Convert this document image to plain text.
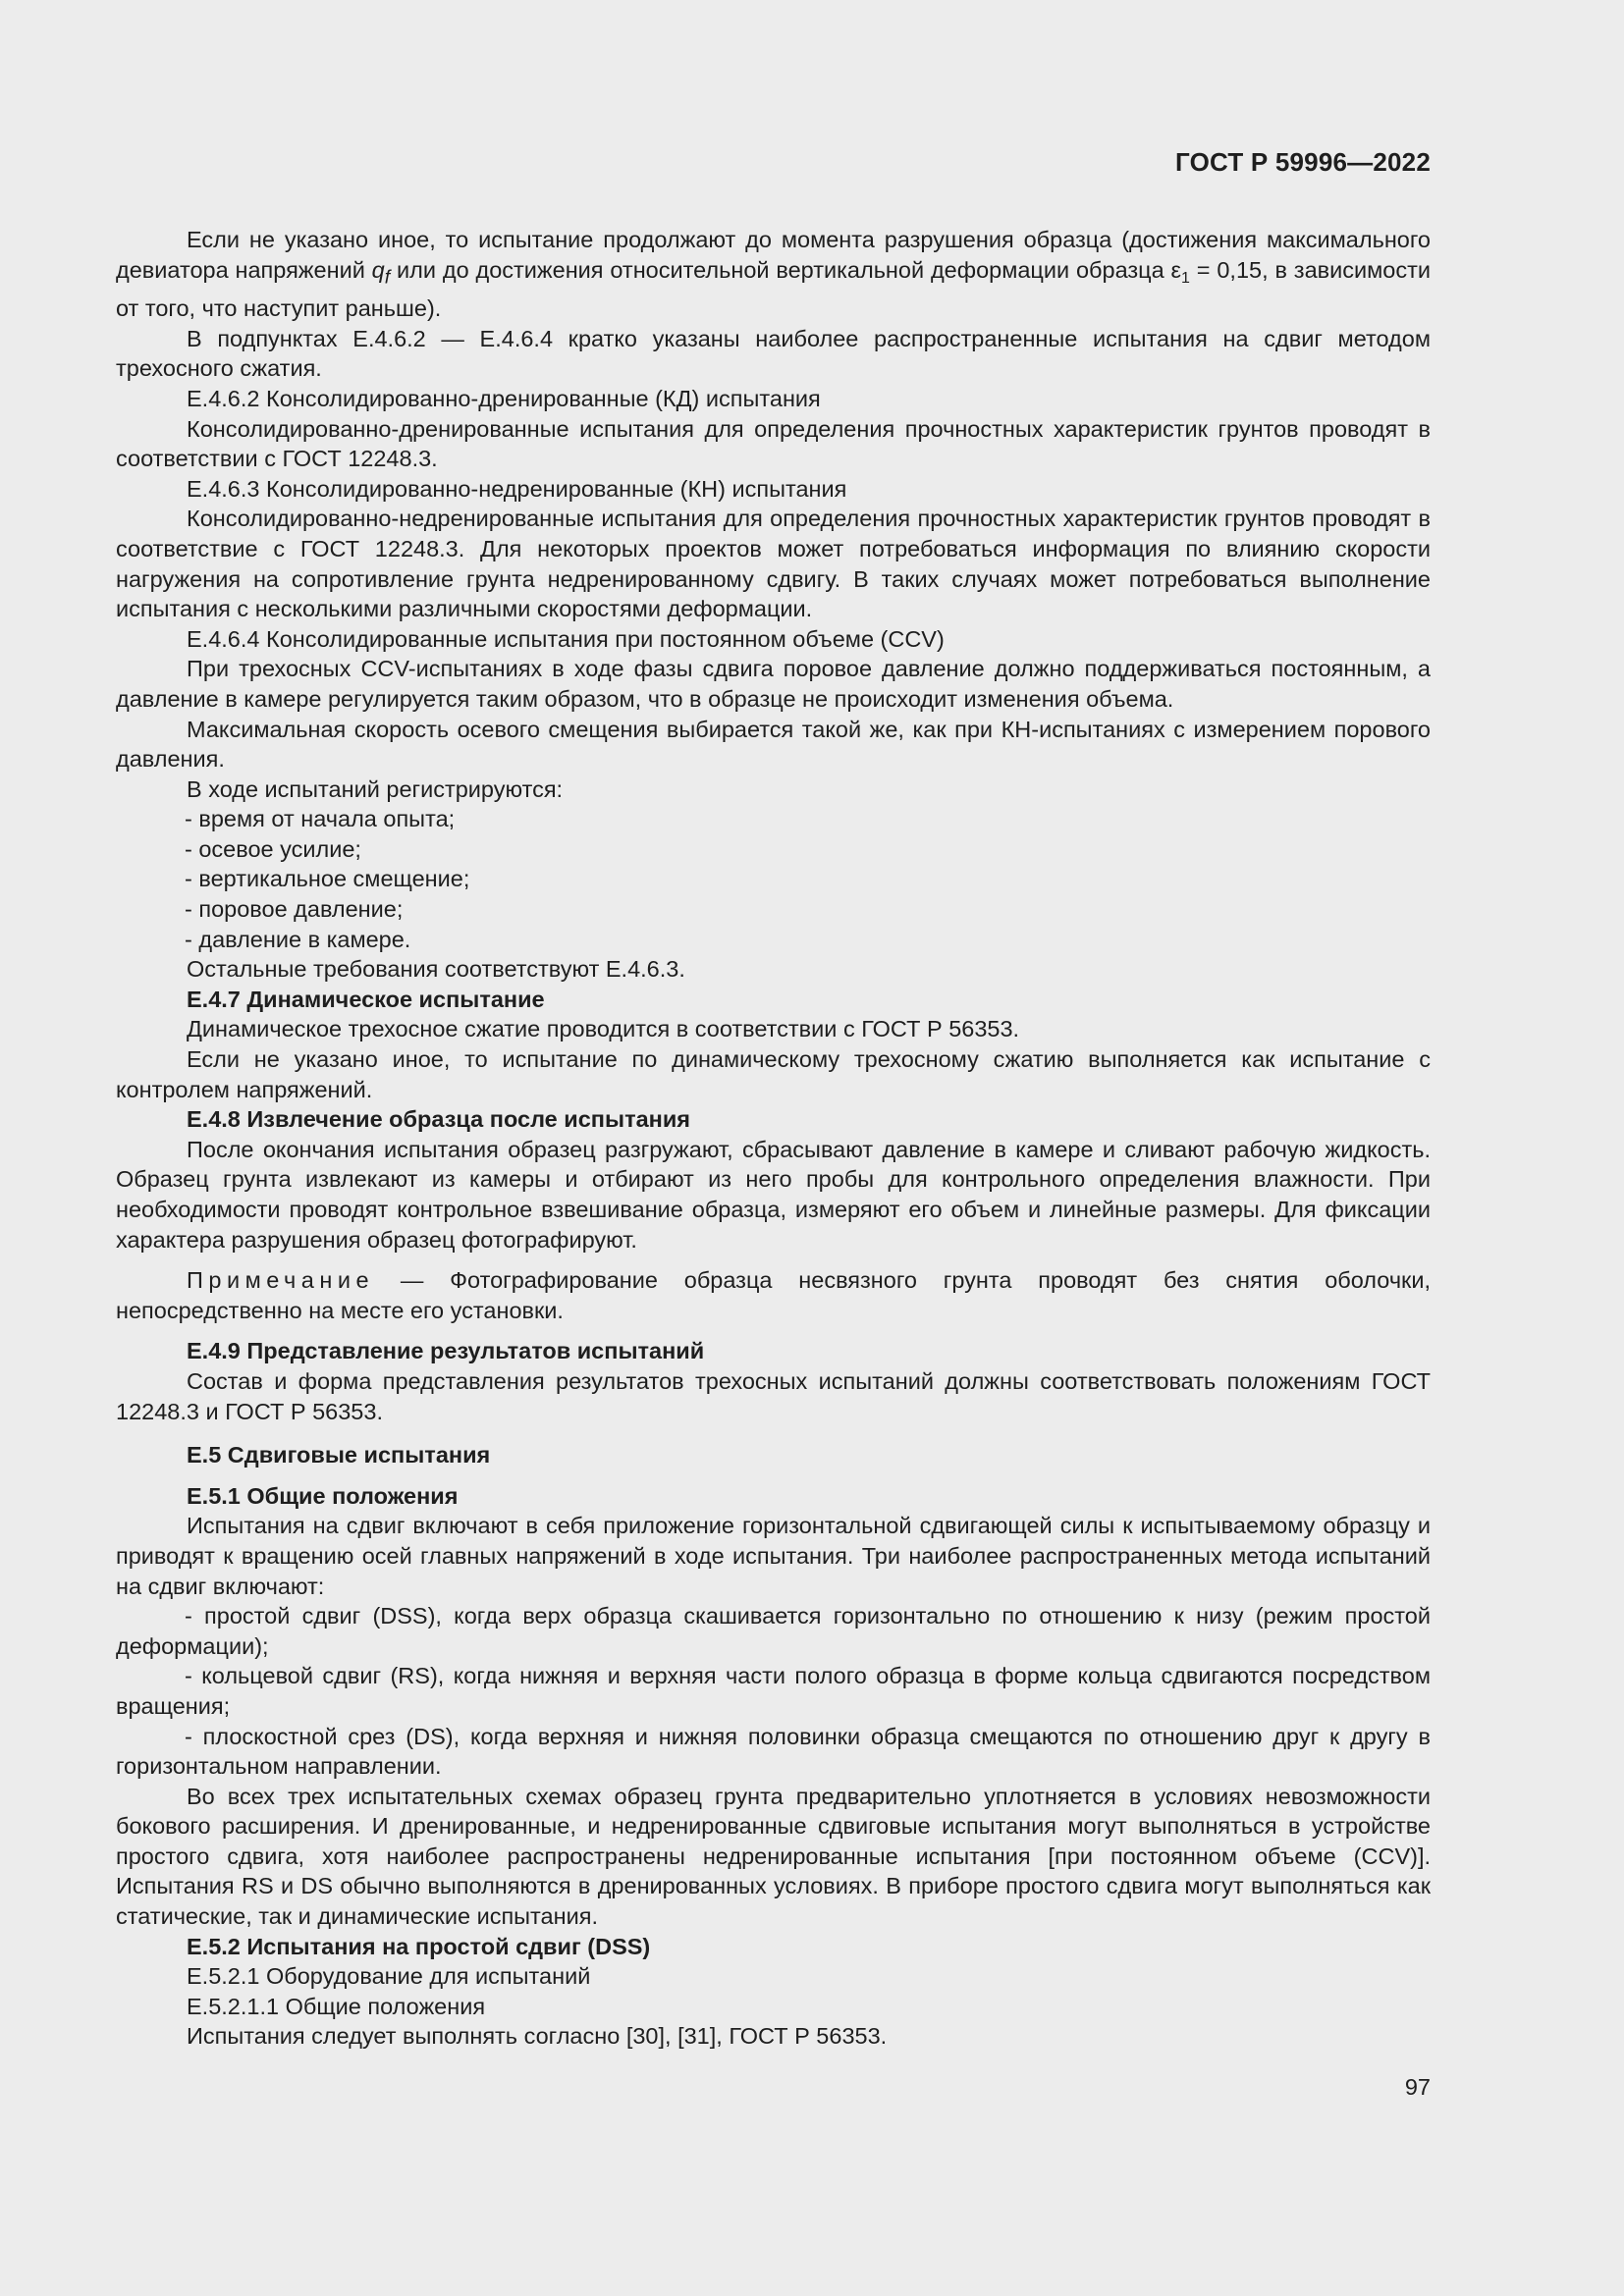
ГОСТ Р 59996—2022

Если не указано иное, то испытание продолжают до момента разрушения образца (достижения максимального девиатора напряжений $q_f$ или до достижения относительной вертикальной деформации образца $\varepsilon_1 = 0,15$, в зависимости от того, что наступит раньше).

В подпунктах Е.4.6.2 — Е.4.6.4 кратко указаны наиболее распространенные испытания на сдвиг методом трехосного сжатия.

Е.4.6.2 Консолидированно-дренированные (КД) испытания

Консолидированно-дренированные испытания для определения прочностных характеристик грунтов проводят в соответствии с ГОСТ 12248.3.

Е.4.6.3 Консолидированно-недренированные (КН) испытания

Консолидированно-недренированные испытания для определения прочностных характеристик грунтов проводят в соответствие с ГОСТ 12248.3. Для некоторых проектов может потребоваться информация по влиянию скорости нагружения на сопротивление грунта недренированному сдвигу. В таких случаях может потребоваться выполнение испытания с несколькими различными скоростями деформации.

Е.4.6.4 Консолидированные испытания при постоянном объеме (CCV)

При трехосных CCV-испытаниях в ходе фазы сдвига поровое давление должно поддерживаться постоянным, а давление в камере регулируется таким образом, что в образце не происходит изменения объема.

Максимальная скорость осевого смещения выбирается такой же, как при КН-испытаниях с измерением порового давления.

В ходе испытаний регистрируются:

- время от начала опыта;

- осевое усилие;

- вертикальное смещение;

- поровое давление;

- давление в камере.

Остальные требования соответствуют Е.4.6.3.

Е.4.7 Динамическое испытание

Динамическое трехосное сжатие проводится в соответствии с ГОСТ Р 56353.

Если не указано иное, то испытание по динамическому трехосному сжатию выполняется как испытание с контролем напряжений.

Е.4.8 Извлечение образца после испытания

После окончания испытания образец разгружают, сбрасывают давление в камере и сливают рабочую жидкость. Образец грунта извлекают из камеры и отбирают из него пробы для контрольного определения влажности. При необходимости проводят контрольное взвешивание образца, измеряют его объем и линейные размеры. Для фиксации характера разрушения образец фотографируют.

Примечание — Фотографирование образца несвязного грунта проводят без снятия оболочки, непосредственно на месте его установки.

Е.4.9 Представление результатов испытаний

Состав и форма представления результатов трехосных испытаний должны соответствовать положениям ГОСТ 12248.3 и ГОСТ Р 56353.

Е.5 Сдвиговые испытания

Е.5.1 Общие положения

Испытания на сдвиг включают в себя приложение горизонтальной сдвигающей силы к испытываемому образцу и приводят к вращению осей главных напряжений в ходе испытания. Три наиболее распространенных метода испытаний на сдвиг включают:

- простой сдвиг (DSS), когда верх образца скашивается горизонтально по отношению к низу (режим простой деформации);

- кольцевой сдвиг (RS), когда нижняя и верхняя части полого образца в форме кольца сдвигаются посредством вращения;

- плоскостной срез (DS), когда верхняя и нижняя половинки образца смещаются по отношению друг к другу в горизонтальном направлении.

Во всех трех испытательных схемах образец грунта предварительно уплотняется в условиях невозможности бокового расширения. И дренированные, и недренированные сдвиговые испытания могут выполняться в устройстве простого сдвига, хотя наиболее распространены недренированные испытания [при постоянном объеме (CCV)]. Испытания RS и DS обычно выполняются в дренированных условиях. В приборе простого сдвига могут выполняться как статические, так и динамические испытания.

Е.5.2 Испытания на простой сдвиг (DSS)

Е.5.2.1 Оборудование для испытаний

Е.5.2.1.1 Общие положения

Испытания следует выполнять согласно [30], [31], ГОСТ Р 56353.

97
